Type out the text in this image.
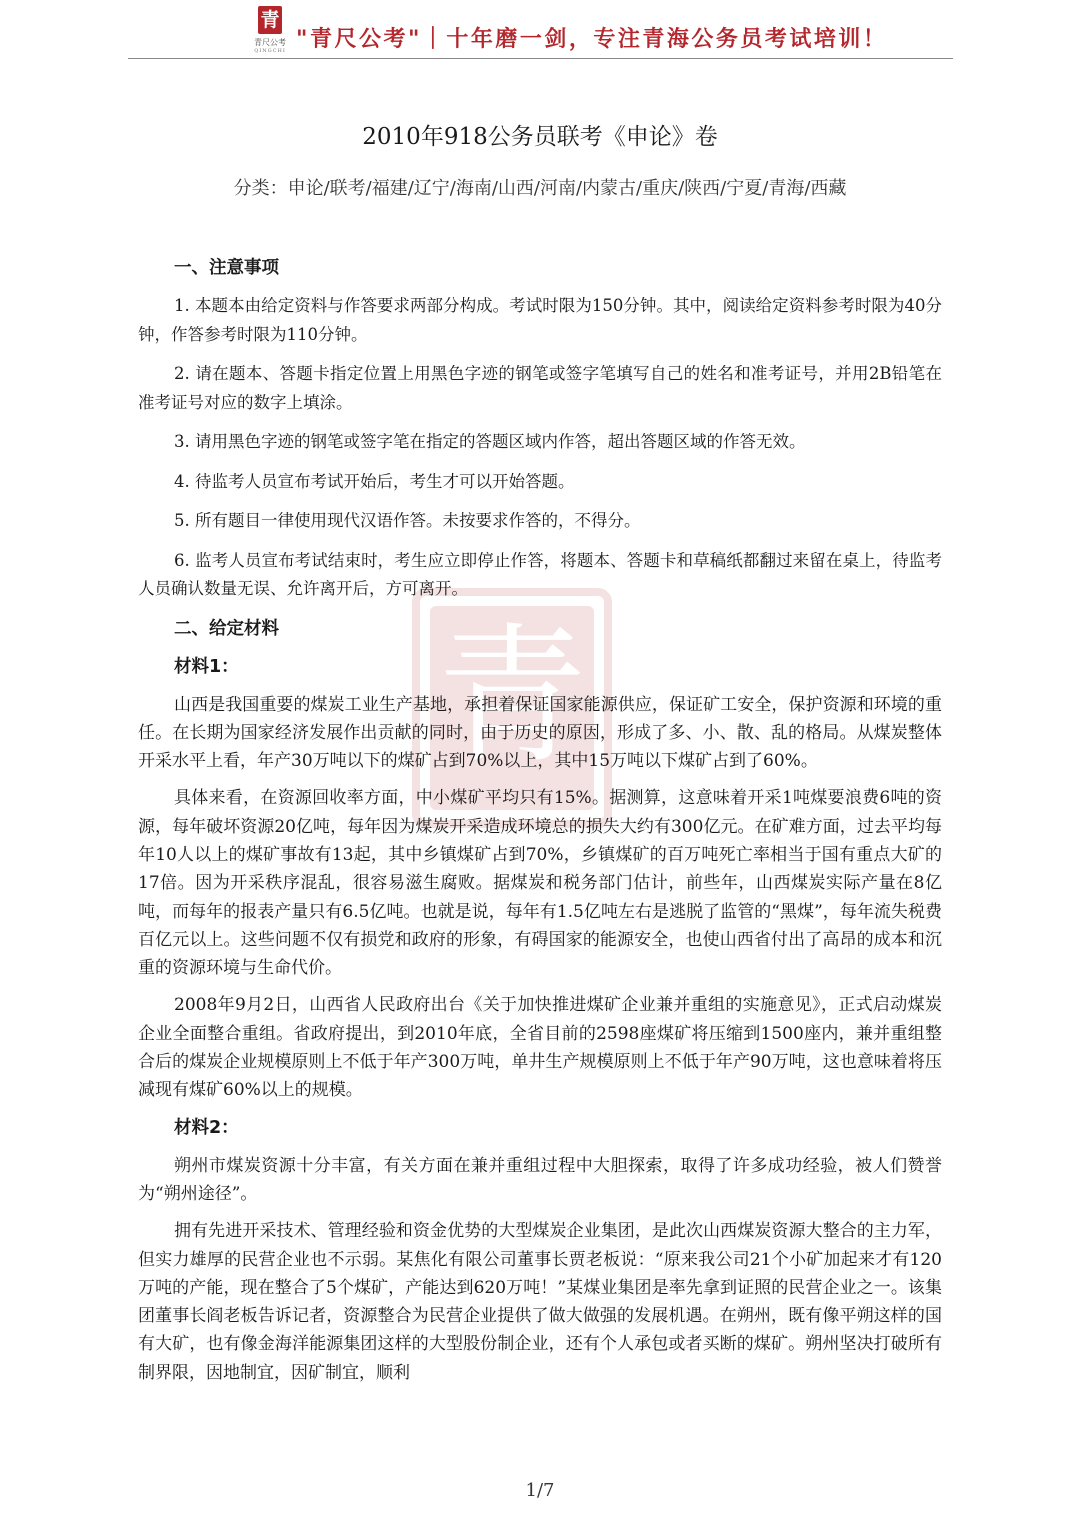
青
青尺公考
QINGCHI "青尺公考"｜十年磨一剑，专注青海公务员考试培训！
青
2010年918公务员联考《申论》卷
分类：申论/联考/福建/辽宁/海南/山西/河南/内蒙古/重庆/陕西/宁夏/青海/西藏
一、注意事项

1. 本题本由给定资料与作答要求两部分构成。考试时限为150分钟。其中，阅读给定资料参考时限为40分钟，作答参考时限为110分钟。

2. 请在题本、答题卡指定位置上用黑色字迹的钢笔或签字笔填写自己的姓名和准考证号，并用2B铅笔在准考证号对应的数字上填涂。

3. 请用黑色字迹的钢笔或签字笔在指定的答题区域内作答，超出答题区域的作答无效。

4. 待监考人员宣布考试开始后，考生才可以开始答题。

5. 所有题目一律使用现代汉语作答。未按要求作答的，不得分。

6. 监考人员宣布考试结束时，考生应立即停止作答，将题本、答题卡和草稿纸都翻过来留在桌上，待监考人员确认数量无误、允许离开后，方可离开。

二、给定材料
材料1：

山西是我国重要的煤炭工业生产基地，承担着保证国家能源供应，保证矿工安全，保护资源和环境的重任。在长期为国家经济发展作出贡献的同时，由于历史的原因，形成了多、小、散、乱的格局。从煤炭整体开采水平上看，年产30万吨以下的煤矿占到70%以上，其中15万吨以下煤矿占到了60%。

具体来看，在资源回收率方面，中小煤矿平均只有15%。据测算，这意味着开采1吨煤要浪费6吨的资源，每年破坏资源20亿吨，每年因为煤炭开采造成环境总的损失大约有300亿元。在矿难方面，过去平均每年10人以上的煤矿事故有13起，其中乡镇煤矿占到70%，乡镇煤矿的百万吨死亡率相当于国有重点大矿的17倍。因为开采秩序混乱，很容易滋生腐败。据煤炭和税务部门估计，前些年，山西煤炭实际产量在8亿吨，而每年的报表产量只有6.5亿吨。也就是说，每年有1.5亿吨左右是逃脱了监管的“黑煤”，每年流失税费百亿元以上。这些问题不仅有损党和政府的形象，有碍国家的能源安全，也使山西省付出了高昂的成本和沉重的资源环境与生命代价。

2008年9月2日，山西省人民政府出台《关于加快推进煤矿企业兼并重组的实施意见》，正式启动煤炭企业全面整合重组。省政府提出，到2010年底，全省目前的2598座煤矿将压缩到1500座内，兼并重组整合后的煤炭企业规模原则上不低于年产300万吨，单井生产规模原则上不低于年产90万吨，这也意味着将压减现有煤矿60%以上的规模。

材料2：

朔州市煤炭资源十分丰富，有关方面在兼并重组过程中大胆探索，取得了许多成功经验，被人们赞誉为“朔州途径”。

拥有先进开采技术、管理经验和资金优势的大型煤炭企业集团，是此次山西煤炭资源大整合的主力军，但实力雄厚的民营企业也不示弱。某焦化有限公司董事长贾老板说：“原来我公司21个小矿加起来才有120万吨的产能，现在整合了5个煤矿，产能达到620万吨！”某煤业集团是率先拿到证照的民营企业之一。该集团董事长阎老板告诉记者，资源整合为民营企业提供了做大做强的发展机遇。在朔州，既有像平朔这样的国有大矿，也有像金海洋能源集团这样的大型股份制企业，还有个人承包或者买断的煤矿。朔州坚决打破所有制界限，因地制宜，因矿制宜，顺利

1/7
